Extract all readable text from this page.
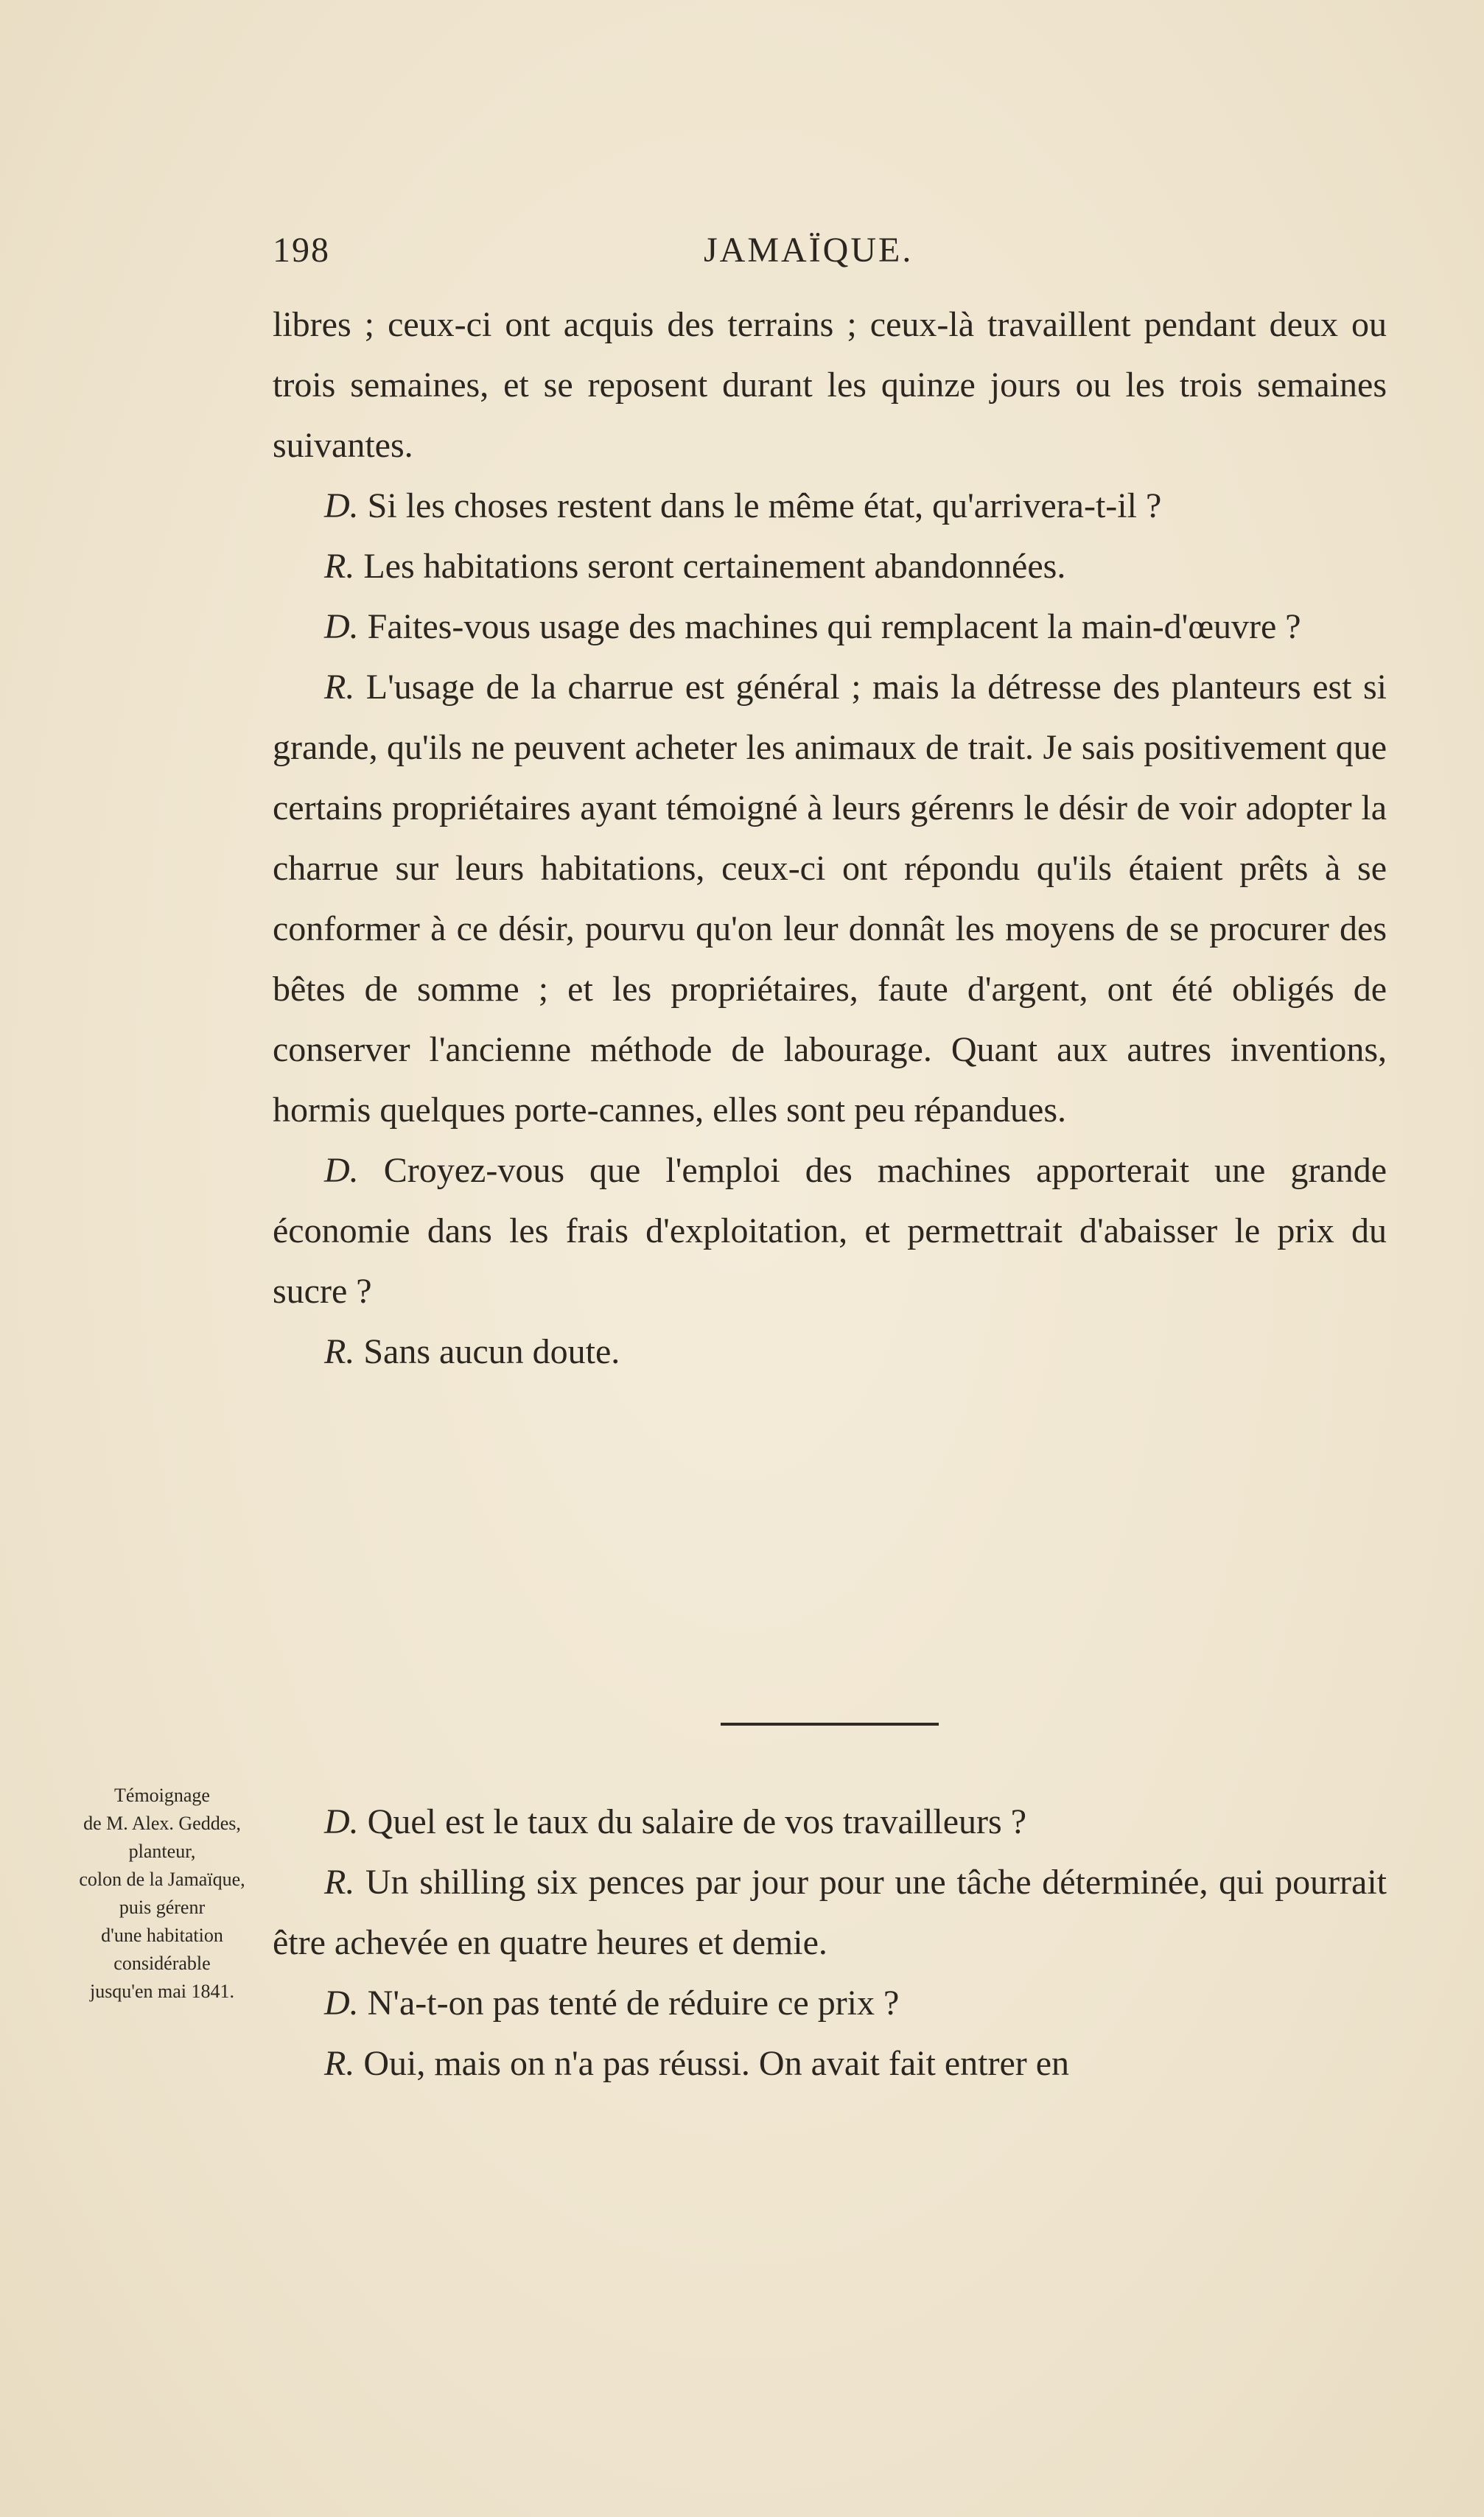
198	JAMAÏQUE.

libres ; ceux-ci ont acquis des terrains ; ceux-là travaillent pendant deux ou trois semaines, et se reposent durant les quinze jours ou les trois semaines suivantes.

D. Si les choses restent dans le même état, qu'arrivera-t-il ?

R. Les habitations seront certainement abandonnées.

D. Faites-vous usage des machines qui remplacent la main-d'œuvre ?

R. L'usage de la charrue est général ; mais la détresse des planteurs est si grande, qu'ils ne peuvent acheter les animaux de trait. Je sais positivement que certains propriétaires ayant témoigné à leurs gérenrs le désir de voir adopter la charrue sur leurs habitations, ceux-ci ont répondu qu'ils étaient prêts à se conformer à ce désir, pourvu qu'on leur donnât les moyens de se procurer des bêtes de somme ; et les propriétaires, faute d'argent, ont été obligés de conserver l'ancienne méthode de labourage. Quant aux autres inventions, hormis quelques porte-cannes, elles sont peu répandues.

D. Croyez-vous que l'emploi des machines apporterait une grande économie dans les frais d'exploitation, et permettrait d'abaisser le prix du sucre ?

R. Sans aucun doute.

Témoignage
de M. Alex. Geddes,
planteur,
colon de la Jamaïque,
puis gérenr
d'une habitation
considérable
jusqu'en mai 1841.

D. Quel est le taux du salaire de vos travailleurs ?

R. Un shilling six pences par jour pour une tâche déterminée, qui pourrait être achevée en quatre heures et demie.

D. N'a-t-on pas tenté de réduire ce prix ?

R. Oui, mais on n'a pas réussi. On avait fait entrer en
